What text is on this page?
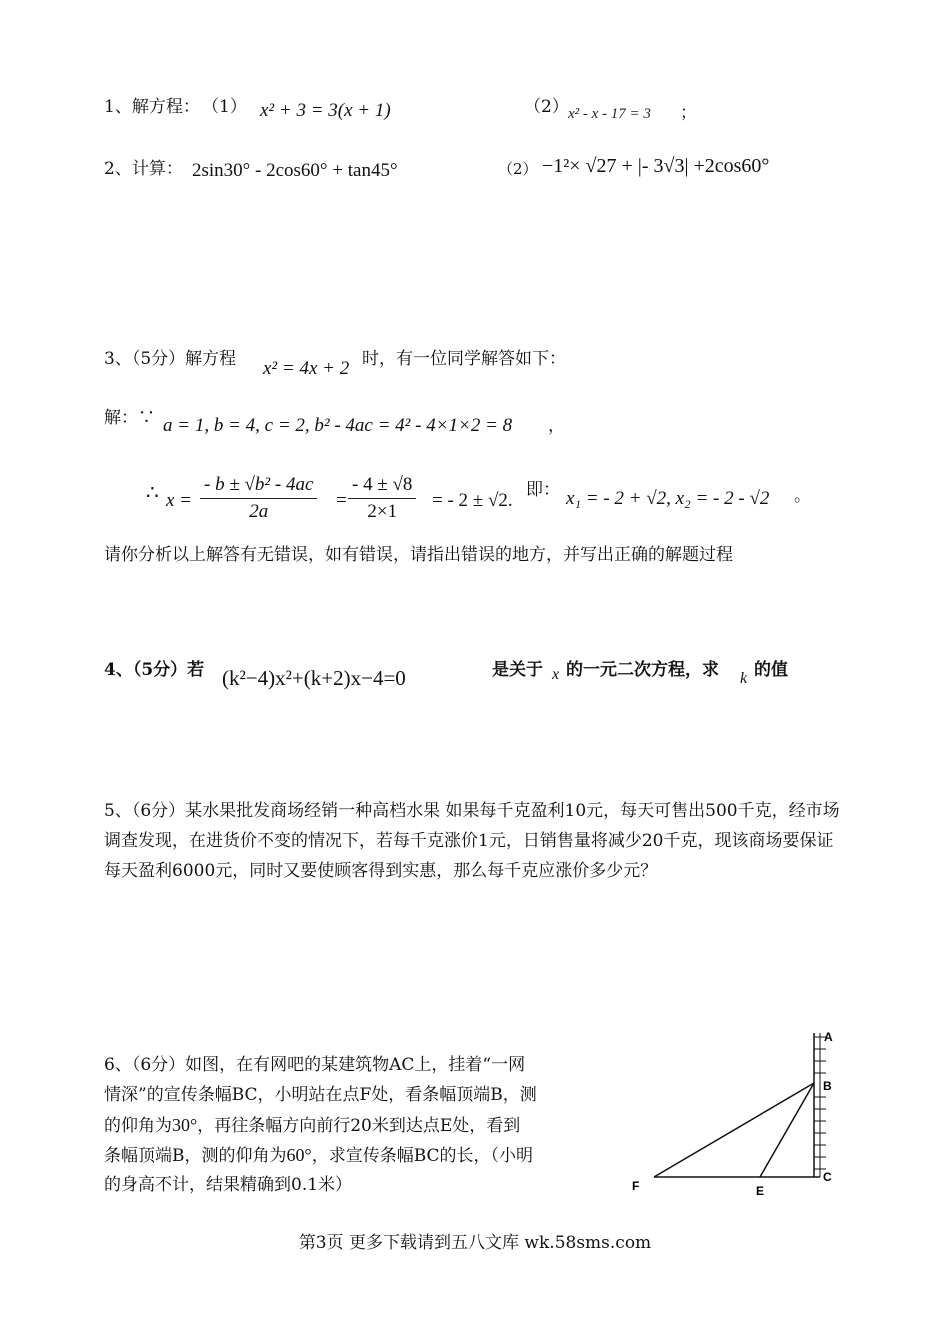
1、解方程： （1） x² + 3 = 3(x + 1)	（2） x² - x - 17 = 3 ；
2、计算： 2sin30° - 2cos60° + tan45°	（2） −1²× √27 + |- 3√3| +2cos60°
3、（5分）解方程 x² = 4x + 2 时，有一位同学解答如下：
解：∵ a = 1, b = 4, c = 2, b² - 4ac = 4² - 4×1×2 = 8 ，
∴ $x = \frac{\text{- b ± √b² - 4ac}}{2a} = \frac{- 4 \pm √8}{2\times 1}$ = - 2 ± √2. 即： x₁ = - 2 + √2, x₂ = - 2 - √2 。
请你分析以上解答有无错误，如有错误，请指出错误的地方，并写出正确的解题过程
4、（5分）若 (k²−4)x²+(k+2)x−4=0	是关于 x 的一元二次方程，求 k 的值
5、（6分）某水果批发商场经销一种高档水果 如果每千克盈利10元，每天可售出500千克，经市场调查发现，在进货价不变的情况下，若每千克涨价1元，日销售量将减少20千克，现该商场要保证每天盈利6000元，同时又要使顾客得到实惠，那么每千克应涨价多少元？
6、（6分）如图，在有网吧的某建筑物AC上，挂着“一网
情深”的宣传条幅BC，小明站在点F处，看条幅顶端B，测
的仰角为30°，再往条幅方向前行20米到达点E处，看到
条幅顶端B，测的仰角为60°，求宣传条幅BC的长，（小明
的身高不计，结果精确到0.1米）
A
B
C
E
F
第3页 更多下载请到五八文库 wk.58sms.com
